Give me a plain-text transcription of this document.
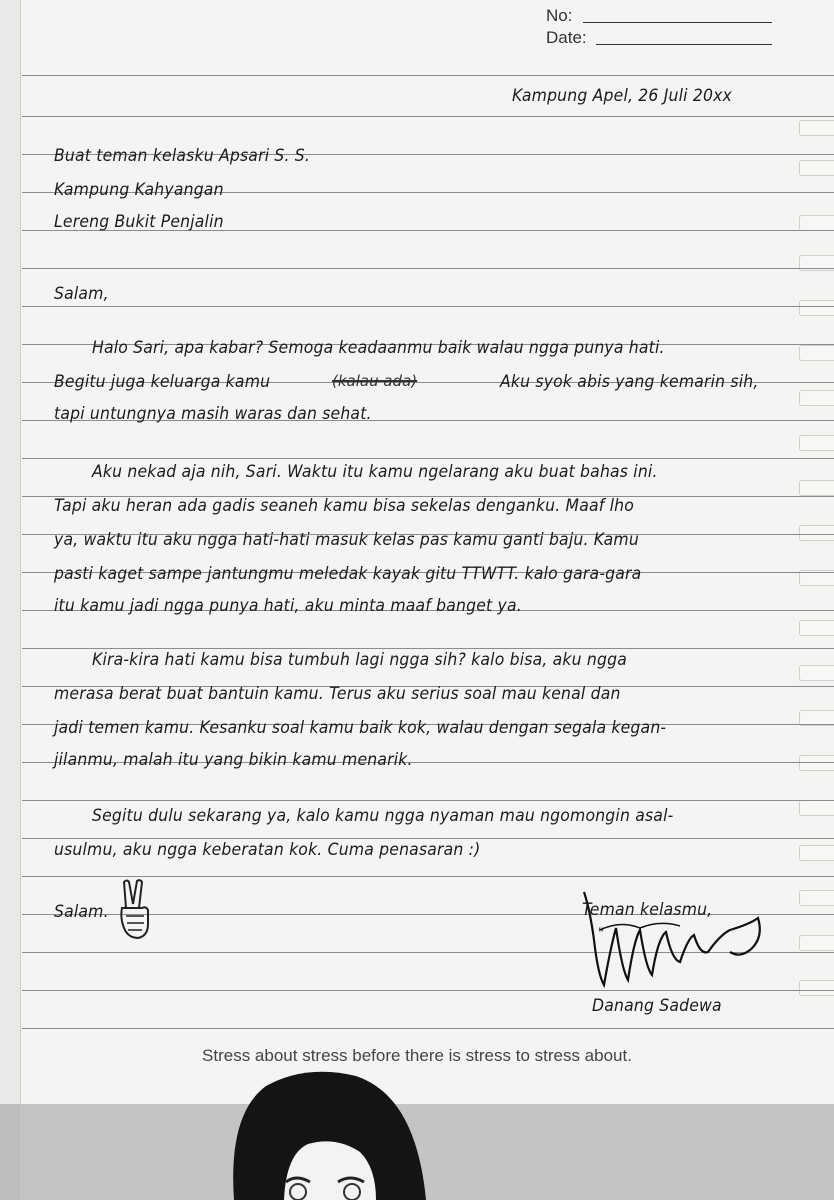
No:
Date:
Kampung Apel, 26 Juli 20xx
Buat teman kelasku Apsari S. S.
Kampung Kahyangan
Lereng Bukit Penjalin
Salam,
Halo Sari, apa kabar? Semoga keadaanmu baik walau ngga punya hati.
Begitu juga keluarga kamu	(kalau ada)	Aku syok abis yang kemarin sih,
tapi untungnya masih waras dan sehat.
Aku nekad aja nih, Sari. Waktu itu kamu ngelarang aku buat bahas ini.
Tapi aku heran ada gadis seaneh kamu bisa sekelas denganku. Maaf lho
ya, waktu itu aku ngga hati-hati masuk kelas pas kamu ganti baju. Kamu
pasti kaget sampe jantungmu meledak kayak gitu TTWTT. kalo gara-gara
itu kamu jadi ngga punya hati, aku minta maaf banget ya.
Kira-kira hati kamu bisa tumbuh lagi ngga sih? kalo bisa, aku ngga
merasa berat buat bantuin kamu. Terus aku serius soal mau kenal dan
jadi temen kamu. Kesanku soal kamu baik kok, walau dengan segala kegan-
jilanmu, malah itu yang bikin kamu menarik.
Segitu dulu sekarang ya, kalo kamu ngga nyaman mau ngomongin asal-
usulmu, aku ngga keberatan kok. Cuma penasaran :)
Salam.	Teman kelasmu,
"
Danang Sadewa
Stress about stress before there is stress to stress about.
